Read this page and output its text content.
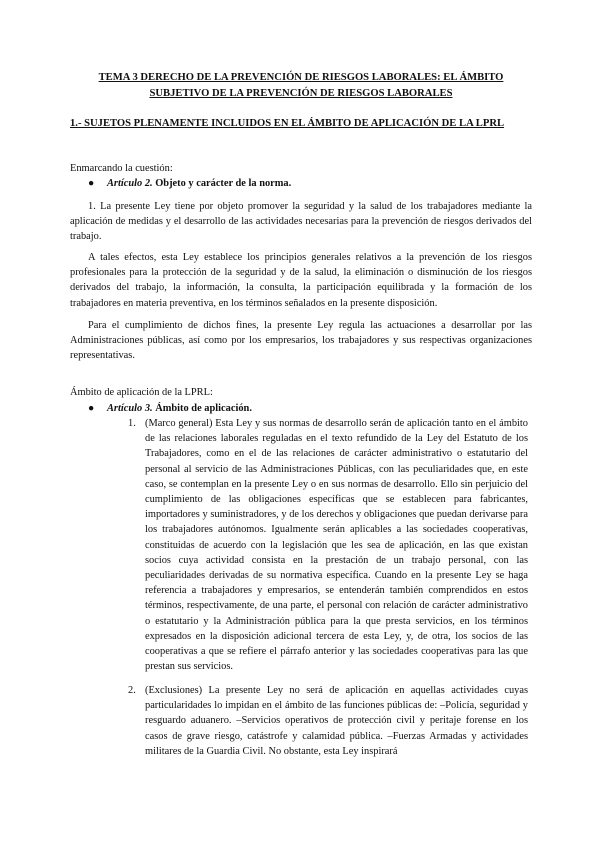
TEMA 3 DERECHO DE LA PREVENCIÓN DE RIESGOS LABORALES: EL ÁMBITO SUBJETIVO DE LA PREVENCIÓN DE RIESGOS LABORALES
1.- SUJETOS PLENAMENTE INCLUIDOS EN EL ÁMBITO DE APLICACIÓN DE LA LPRL
Enmarcando la cuestión:
● Artículo 2. Objeto y carácter de la norma.
1. La presente Ley tiene por objeto promover la seguridad y la salud de los trabajadores mediante la aplicación de medidas y el desarrollo de las actividades necesarias para la prevención de riesgos derivados del trabajo.
A tales efectos, esta Ley establece los principios generales relativos a la prevención de los riesgos profesionales para la protección de la seguridad y de la salud, la eliminación o disminución de los riesgos derivados del trabajo, la información, la consulta, la participación equilibrada y la formación de los trabajadores en materia preventiva, en los términos señalados en la presente disposición.
Para el cumplimiento de dichos fines, la presente Ley regula las actuaciones a desarrollar por las Administraciones públicas, así como por los empresarios, los trabajadores y sus respectivas organizaciones representativas.
Ámbito de aplicación de la LPRL:
● Artículo 3. Ámbito de aplicación.
1. (Marco general) Esta Ley y sus normas de desarrollo serán de aplicación tanto en el ámbito de las relaciones laborales reguladas en el texto refundido de la Ley del Estatuto de los Trabajadores, como en el de las relaciones de carácter administrativo o estatutario del personal al servicio de las Administraciones Públicas, con las peculiaridades que, en este caso, se contemplan en la presente Ley o en sus normas de desarrollo. Ello sin perjuicio del cumplimiento de las obligaciones específicas que se establecen para fabricantes, importadores y suministradores, y de los derechos y obligaciones que puedan derivarse para los trabajadores autónomos. Igualmente serán aplicables a las sociedades cooperativas, constituidas de acuerdo con la legislación que les sea de aplicación, en las que existan socios cuya actividad consista en la prestación de un trabajo personal, con las peculiaridades derivadas de su normativa específica. Cuando en la presente Ley se haga referencia a trabajadores y empresarios, se entenderán también comprendidos en estos términos, respectivamente, de una parte, el personal con relación de carácter administrativo o estatutario y la Administración pública para la que presta servicios, en los términos expresados en la disposición adicional tercera de esta Ley, y, de otra, los socios de las cooperativas a que se refiere el párrafo anterior y las sociedades cooperativas para las que prestan sus servicios.
2. (Exclusiones) La presente Ley no será de aplicación en aquellas actividades cuyas particularidades lo impidan en el ámbito de las funciones públicas de: –Policía, seguridad y resguardo aduanero. –Servicios operativos de protección civil y peritaje forense en los casos de grave riesgo, catástrofe y calamidad pública. –Fuerzas Armadas y actividades militares de la Guardia Civil. No obstante, esta Ley inspirará
